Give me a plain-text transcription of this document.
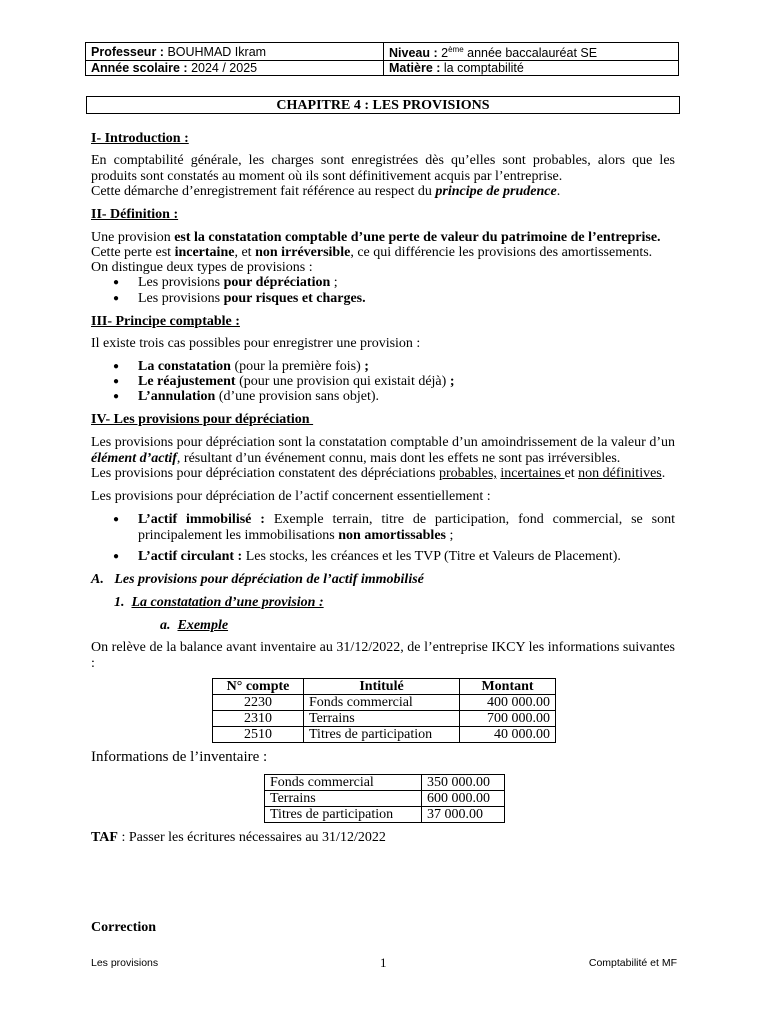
Professeur : BOUHMAD Ikram	Niveau : 2ème année baccalauréat SE
Année scolaire : 2024 / 2025	Matière : la comptabilité
CHAPITRE 4 : LES PROVISIONS
I- Introduction :
En comptabilité générale, les charges sont enregistrées dès qu’elles sont probables, alors que les produits sont constatés au moment où ils sont définitivement acquis par l’entreprise.
Cette démarche d’enregistrement fait référence au respect du principe de prudence.
II- Définition :
Une provision est la constatation comptable d’une perte de valeur du patrimoine de l’entreprise.
Cette perte est incertaine, et non irréversible, ce qui différencie les provisions des amortissements.
On distingue deux types de provisions :
● Les provisions pour dépréciation ;
● Les provisions pour risques et charges.
III- Principe comptable :
Il existe trois cas possibles pour enregistrer une provision :
● La constatation (pour la première fois) ;
● Le réajustement (pour une provision qui existait déjà) ;
● L’annulation (d’une provision sans objet).
IV- Les provisions pour dépréciation
Les provisions pour dépréciation sont la constatation comptable d’un amoindrissement de la valeur d’un élément d’actif, résultant d’un événement connu, mais dont les effets ne sont pas irréversibles.
Les provisions pour dépréciation constatent des dépréciations probables, incertaines et non définitives.
Les provisions pour dépréciation de l’actif concernent essentiellement :
● L’actif immobilisé : Exemple terrain, titre de participation, fond commercial, se sont principalement les immobilisations non amortissables ;
● L’actif circulant : Les stocks, les créances et les TVP (Titre et Valeurs de Placement).
A.   Les provisions pour dépréciation de l’actif immobilisé
1. La constatation d’une provision :
a. Exemple
On relève de la balance avant inventaire au 31/12/2022, de l’entreprise IKCY les informations suivantes :
N° compte	Intitulé	Montant
2230	Fonds commercial	400 000.00
2310	Terrains	700 000.00
2510	Titres de participation	40 000.00
Informations de l’inventaire :
Fonds commercial	350 000.00
Terrains	600 000.00
Titres de participation	37 000.00
TAF : Passer les écritures nécessaires au 31/12/2022
Correction
Les provisions	1	Comptabilité et MF
